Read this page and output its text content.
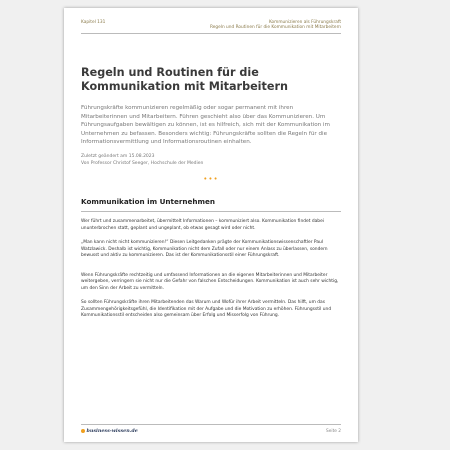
Kapitel 131	Kommunizieren als Führungskraft
Regeln und Routinen für die Kommunikation mit Mitarbeitern
Regeln und Routinen für die Kommunikation mit Mitarbeitern

Führungskräfte kommunizieren regelmäßig oder sogar permanent mit ihren Mitarbeiterinnen und Mitarbeitern. Führen geschieht also über das Kommunizieren. Um Führungsaufgaben bewältigen zu können, ist es hilfreich, sich mit der Kommunikation im Unternehmen zu befassen. Besonders wichtig: Führungskräfte sollten die Regeln für die Informationsvermittlung und Informationsroutinen einhalten.

Zuletzt geändert am 15.08.2023
Von Professor Christof Seeger, Hochschule der Medien
•••
Kommunikation im Unternehmen

Wer führt und zusammenarbeitet, übermittelt Informationen – kommuniziert also. Kommunikation findet dabei ununterbrochen statt, geplant und ungeplant, ob etwas gesagt wird oder nicht.

„Man kann nicht nicht kommunizieren!“ Diesen Leitgedanken prägte der Kommunikationswissenschaftler Paul Watzlawick. Deshalb ist wichtig, Kommunikation nicht dem Zufall oder nur einem Anlass zu überlassen, sondern bewusst und aktiv zu kommunizieren. Das ist der Kommunikationsstil einer Führungskraft.

Wenn Führungskräfte rechtzeitig und umfassend Informationen an die eigenen Mitarbeiterinnen und Mitarbeiter weitergeben, verringern sie nicht nur die Gefahr von falschen Entscheidungen. Kommunikation ist auch sehr wichtig, um den Sinn der Arbeit zu vermitteln.

So sollten Führungskräfte ihren Mitarbeitenden das Warum und Wofür ihrer Arbeit vermitteln. Das hilft, um das Zusammengehörigkeitsgefühl, die Identifikation mit der Aufgabe und die Motivation zu erhöhen. Führungsstil und Kommunikationsstil entscheiden also gemeinsam über Erfolg und Misserfolg von Führung.

business-wissen.de	Seite 2
